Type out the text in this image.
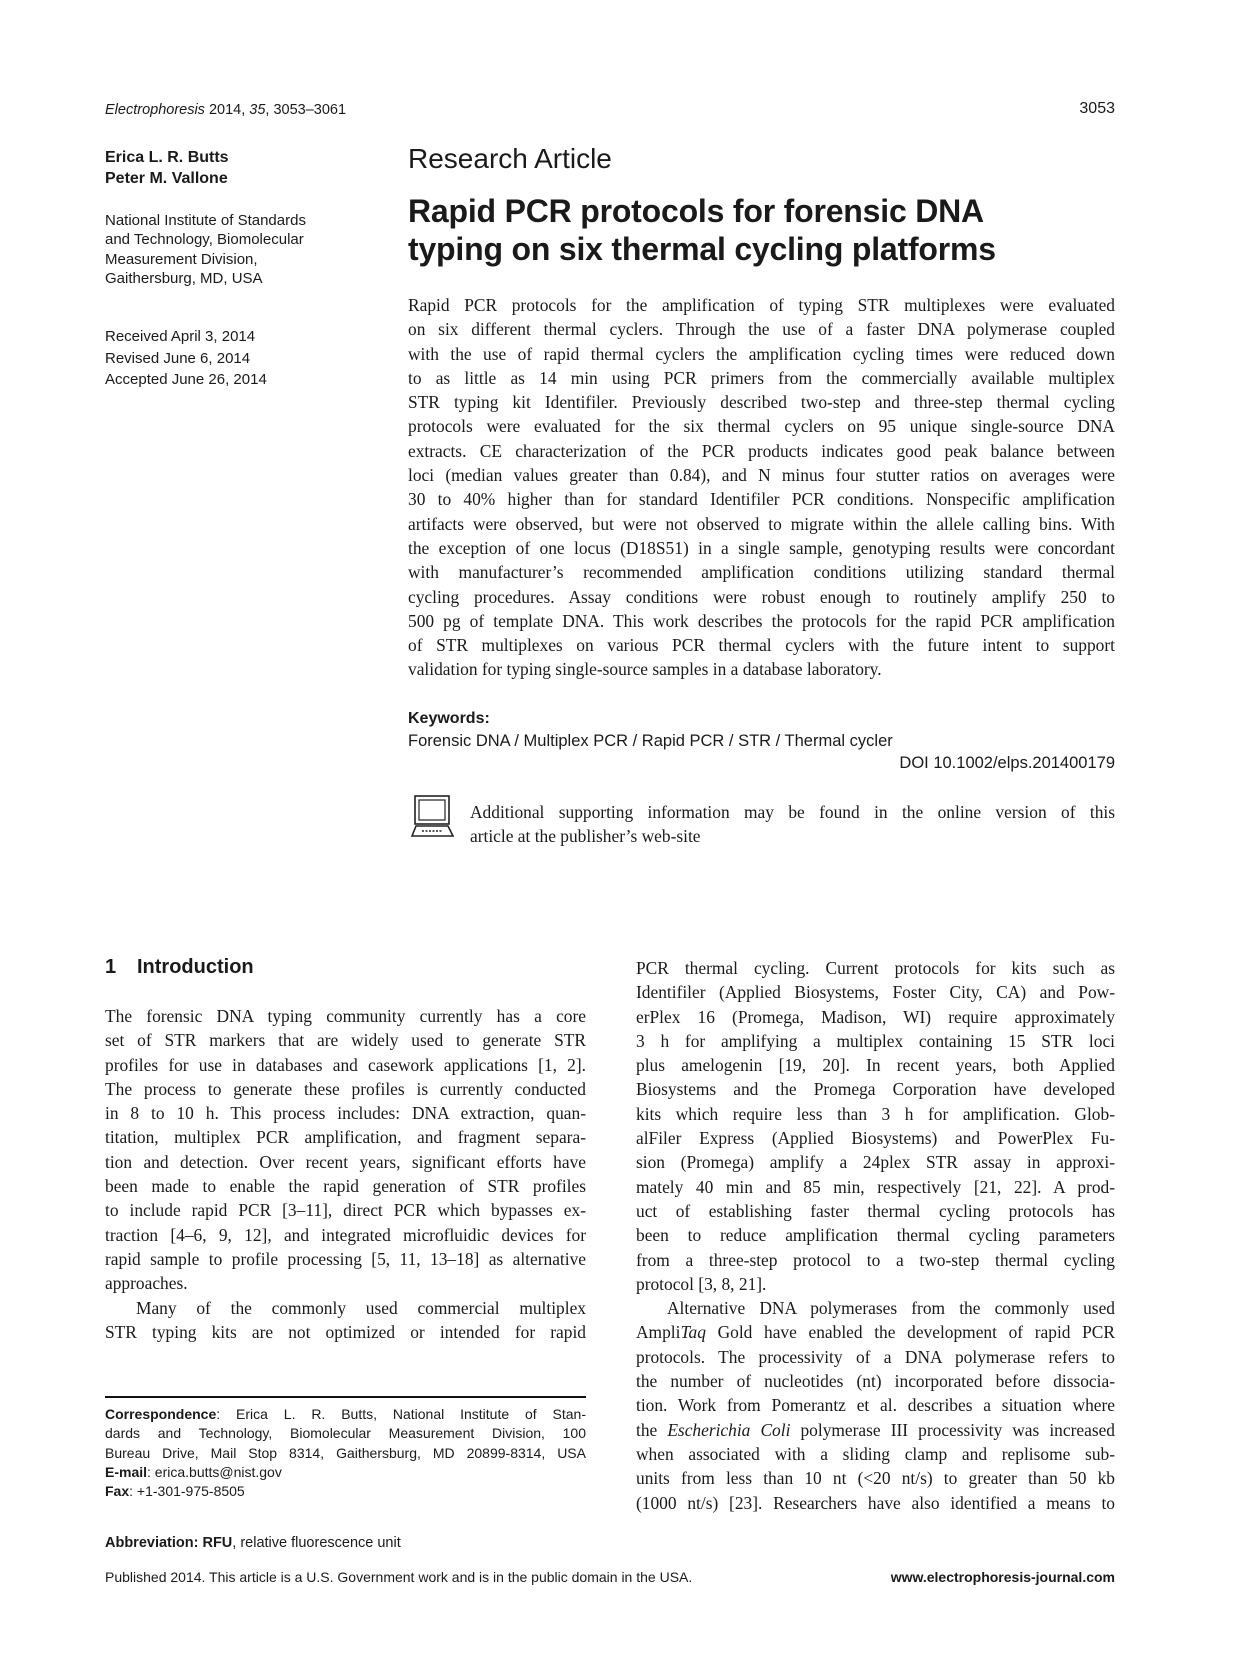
Electrophoresis 2014, 35, 3053–3061	3053
Erica L. R. Butts
Peter M. Vallone
National Institute of Standards
and Technology, Biomolecular
Measurement Division,
Gaithersburg, MD, USA
Received April 3, 2014
Revised June 6, 2014
Accepted June 26, 2014
Research Article
Rapid PCR protocols for forensic DNA
typing on six thermal cycling platforms
Rapid PCR protocols for the amplification of typing STR multiplexes were evaluated
on six different thermal cyclers. Through the use of a faster DNA polymerase coupled
with the use of rapid thermal cyclers the amplification cycling times were reduced down
to as little as 14 min using PCR primers from the commercially available multiplex
STR typing kit Identifiler. Previously described two-step and three-step thermal cycling
protocols were evaluated for the six thermal cyclers on 95 unique single-source DNA
extracts. CE characterization of the PCR products indicates good peak balance between
loci (median values greater than 0.84), and N minus four stutter ratios on averages were
30 to 40% higher than for standard Identifiler PCR conditions. Nonspecific amplification
artifacts were observed, but were not observed to migrate within the allele calling bins. With
the exception of one locus (D18S51) in a single sample, genotyping results were concordant
with manufacturer’s recommended amplification conditions utilizing standard thermal
cycling procedures. Assay conditions were robust enough to routinely amplify 250 to
500 pg of template DNA. This work describes the protocols for the rapid PCR amplification
of STR multiplexes on various PCR thermal cyclers with the future intent to support
validation for typing single-source samples in a database laboratory.
Keywords:
Forensic DNA / Multiplex PCR / Rapid PCR / STR / Thermal cycler
DOI 10.1002/elps.201400179
Additional supporting information may be found in the online version of this
article at the publisher’s web-site
1 Introduction
The forensic DNA typing community currently has a core
set of STR markers that are widely used to generate STR
profiles for use in databases and casework applications [1, 2].
The process to generate these profiles is currently conducted
in 8 to 10 h. This process includes: DNA extraction, quan-
titation, multiplex PCR amplification, and fragment separa-
tion and detection. Over recent years, significant efforts have
been made to enable the rapid generation of STR profiles
to include rapid PCR [3–11], direct PCR which bypasses ex-
traction [4–6, 9, 12], and integrated microfluidic devices for
rapid sample to profile processing [5, 11, 13–18] as alternative
approaches.
Many of the commonly used commercial multiplex
STR typing kits are not optimized or intended for rapid
PCR thermal cycling. Current protocols for kits such as
Identifiler (Applied Biosystems, Foster City, CA) and Pow-
erPlex 16 (Promega, Madison, WI) require approximately
3 h for amplifying a multiplex containing 15 STR loci
plus amelogenin [19, 20]. In recent years, both Applied
Biosystems and the Promega Corporation have developed
kits which require less than 3 h for amplification. Glob-
alFiler Express (Applied Biosystems) and PowerPlex Fu-
sion (Promega) amplify a 24plex STR assay in approxi-
mately 40 min and 85 min, respectively [21, 22]. A prod-
uct of establishing faster thermal cycling protocols has
been to reduce amplification thermal cycling parameters
from a three-step protocol to a two-step thermal cycling
protocol [3, 8, 21].
Alternative DNA polymerases from the commonly used
AmpliTaq Gold have enabled the development of rapid PCR
protocols. The processivity of a DNA polymerase refers to
the number of nucleotides (nt) incorporated before dissocia-
tion. Work from Pomerantz et al. describes a situation where
the Escherichia Coli polymerase III processivity was increased
when associated with a sliding clamp and replisome sub-
units from less than 10 nt (<20 nt/s) to greater than 50 kb
(1000 nt/s) [23]. Researchers have also identified a means to
Correspondence: Erica L. R. Butts, National Institute of Stan-
dards and Technology, Biomolecular Measurement Division, 100
Bureau Drive, Mail Stop 8314, Gaithersburg, MD 20899-8314, USA
E-mail: erica.butts@nist.gov
Fax: +1-301-975-8505
Abbreviation: RFU, relative fluorescence unit
Published 2014. This article is a U.S. Government work and is in the public domain in the USA.	www.electrophoresis-journal.com
